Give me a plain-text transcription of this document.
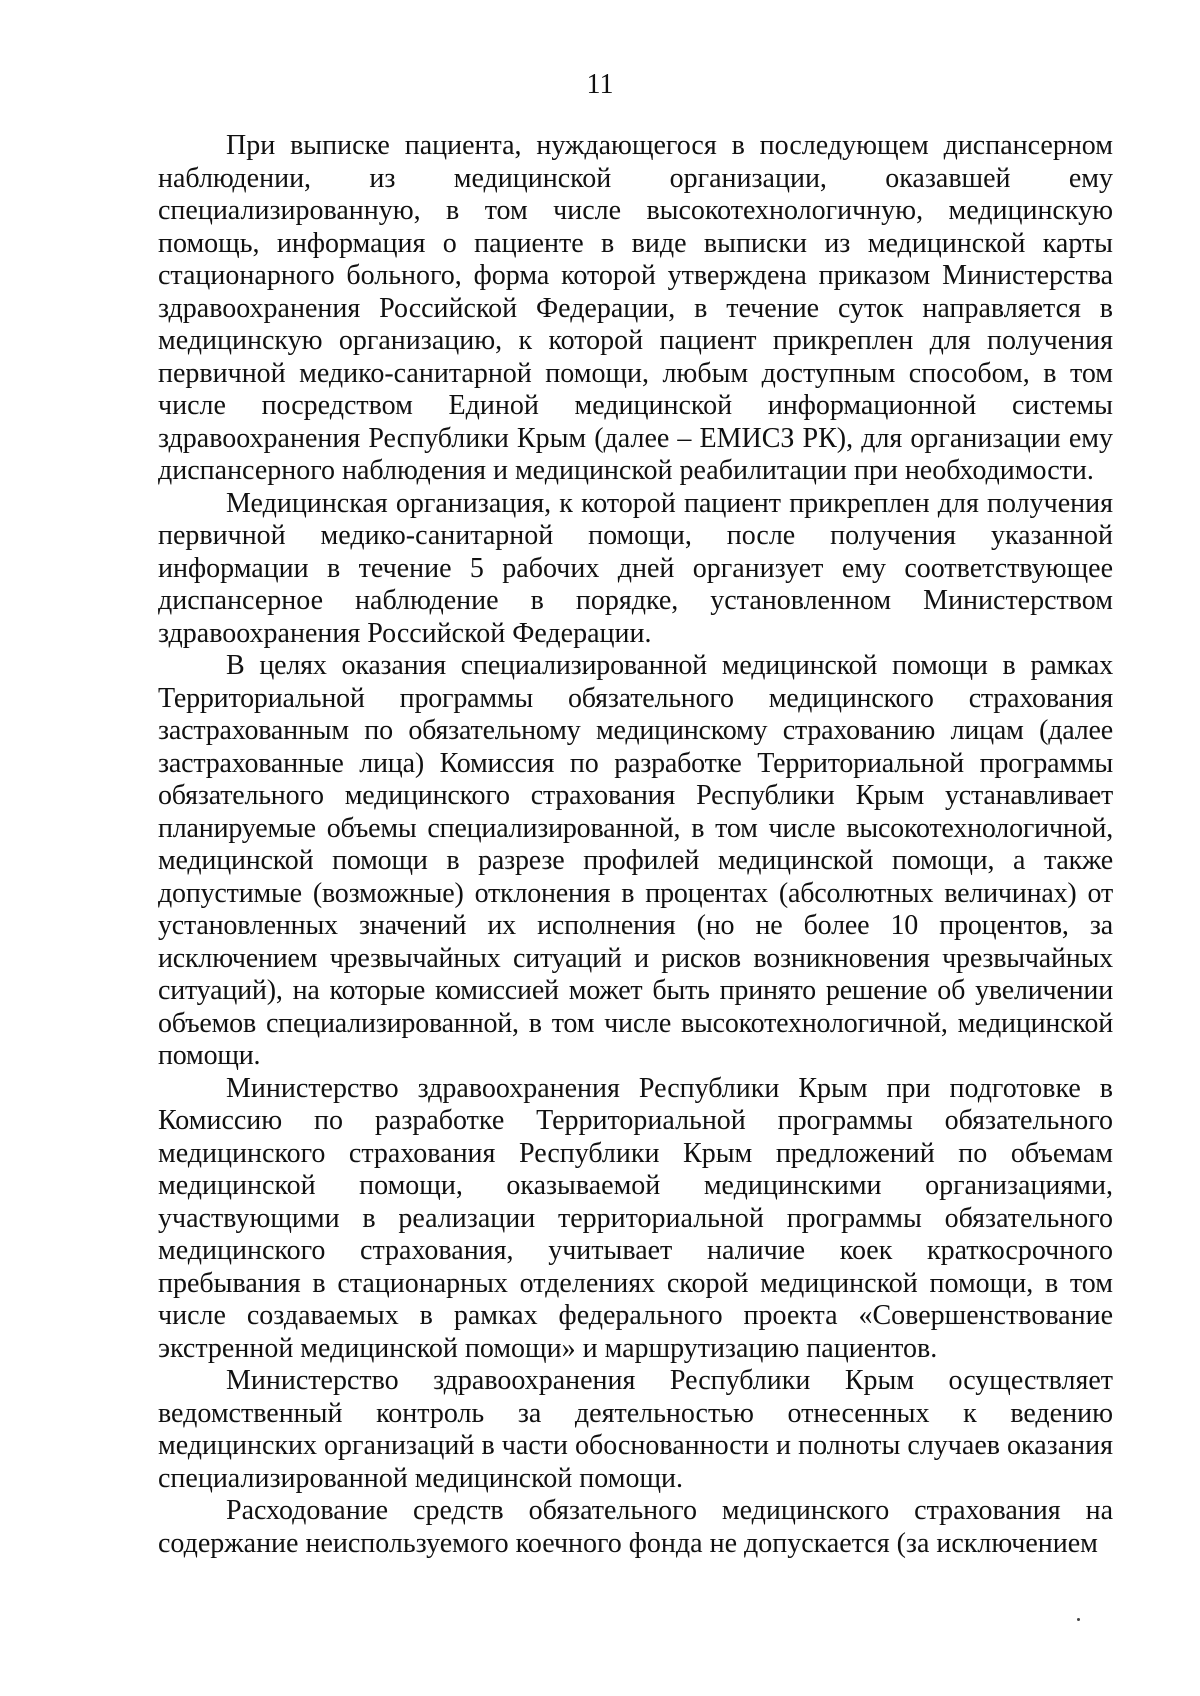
11

При выписке пациента, нуждающегося в последующем диспансерном наблюдении, из медицинской организации, оказавшей ему специализированную, в том числе высокотехнологичную, медицинскую помощь, информация о пациенте в виде выписки из медицинской карты стационарного больного, форма которой утверждена приказом Министерства здравоохранения Российской Федерации, в течение суток направляется в медицинскую организацию, к которой пациент прикреплен для получения первичной медико-санитарной помощи, любым доступным способом, в том числе посредством Единой медицинской информационной системы здравоохранения Республики Крым (далее – ЕМИСЗ РК), для организации ему диспансерного наблюдения и медицинской реабилитации при необходимости.

Медицинская организация, к которой пациент прикреплен для получения первичной медико-санитарной помощи, после получения указанной информации в течение 5 рабочих дней организует ему соответствующее диспансерное наблюдение в порядке, установленном Министерством здравоохранения Российской Федерации.

В целях оказания специализированной медицинской помощи в рамках Территориальной программы обязательного медицинского страхования застрахованным по обязательному медицинскому страхованию лицам (далее застрахованные лица) Комиссия по разработке Территориальной программы обязательного медицинского страхования Республики Крым устанавливает планируемые объемы специализированной, в том числе высокотехнологичной, медицинской помощи в разрезе профилей медицинской помощи, а также допустимые (возможные) отклонения в процентах (абсолютных величинах) от установленных значений их исполнения (но не более 10 процентов, за исключением чрезвычайных ситуаций и рисков возникновения чрезвычайных ситуаций), на которые комиссией может быть принято решение об увеличении объемов специализированной, в том числе высокотехнологичной, медицинской помощи.

Министерство здравоохранения Республики Крым при подготовке в Комиссию по разработке Территориальной программы обязательного медицинского страхования Республики Крым предложений по объемам медицинской помощи, оказываемой медицинскими организациями, участвующими в реализации территориальной программы обязательного медицинского страхования, учитывает наличие коек краткосрочного пребывания в стационарных отделениях скорой медицинской помощи, в том числе создаваемых в рамках федерального проекта «Совершенствование экстренной медицинской помощи» и маршрутизацию пациентов.

Министерство здравоохранения Республики Крым осуществляет ведомственный контроль за деятельностью отнесенных к ведению медицинских организаций в части обоснованности и полноты случаев оказания специализированной медицинской помощи.

Расходование средств обязательного медицинского страхования на содержание неиспользуемого коечного фонда не допускается (за исключением
